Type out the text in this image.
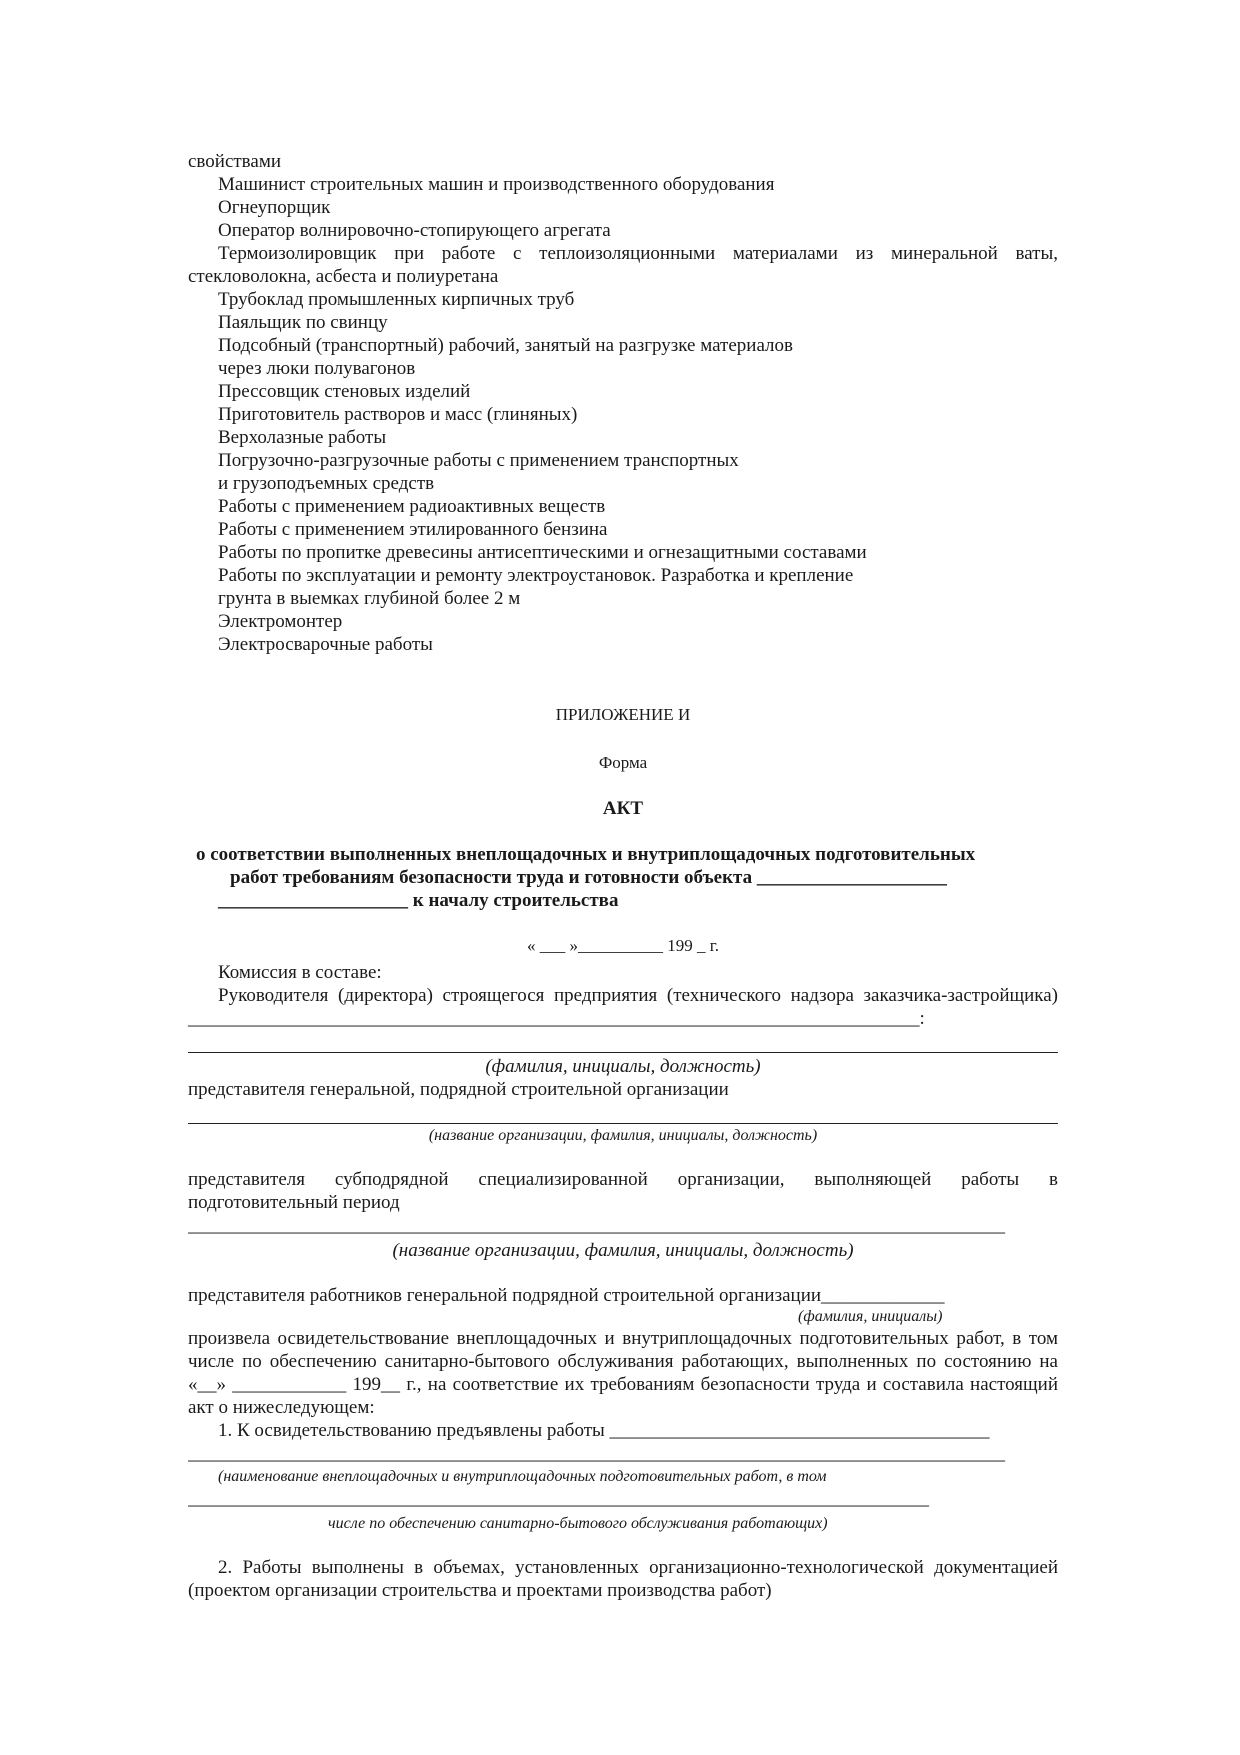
свойствами
Машинист строительных машин и производственного оборудования
Огнеупорщик
Оператор волнировочно-стопирующего агрегата
Термоизолировщик при работе с теплоизоляционными материалами из минеральной ваты, стекловолокна, асбеста и полиуретана
Трубоклад промышленных кирпичных труб
Паяльщик по свинцу
Подсобный (транспортный) рабочий, занятый на разгрузке материалов
через люки полувагонов
Прессовщик стеновых изделий
Приготовитель растворов и масс (глиняных)
Верхолазные работы
Погрузочно-разгрузочные работы с применением транспортных
и грузоподъемных средств
Работы с применением радиоактивных веществ
Работы с применением этилированного бензина
Работы по пропитке древесины антисептическими и огнезащитными составами
Работы по эксплуатации и ремонту электроустановок. Разработка и крепление
грунта в выемках глубиной более 2 м
Электромонтер
Электросварочные работы
ПРИЛОЖЕНИЕ И
Форма
АКТ
о соответствии выполненных внеплощадочных и внутриплощадочных подготовительных
работ требованиям безопасности труда и готовности объекта ____________________
____________________ к началу строительства
« ___ »__________ 199 _ г.
Комиссия в составе:
Руководителя (директора) строящегося предприятия (технического надзора заказчика-застройщика) _____________________________________________________________________________:
(фамилия, инициалы, должность)
представителя генеральной, подрядной строительной организации
(название организации, фамилия, инициалы, должность)
представителя субподрядной специализированной организации, выполняющей работы в подготовительный период
______________________________________________________________________________________
(название организации, фамилия, инициалы, должность)
представителя работников генеральной подрядной строительной организации_____________
(фамилия, инициалы)
произвела освидетельствование внеплощадочных и внутриплощадочных подготовительных работ, в том числе по обеспечению санитарно-бытового обслуживания работающих, выполненных по состоянию на «__» ____________ 199__ г., на соответствие их требованиям безопасности труда и составила настоящий акт о нижеследующем:
1. К освидетельствованию предъявлены работы ________________________________________
______________________________________________________________________________________
(наименование внеплощадочных и внутриплощадочных подготовительных работ, в том
______________________________________________________________________________
числе по обеспечению санитарно-бытового обслуживания работающих)
2. Работы выполнены в объемах, установленных организационно-технологической документацией (проектом организации строительства и проектами производства работ)
